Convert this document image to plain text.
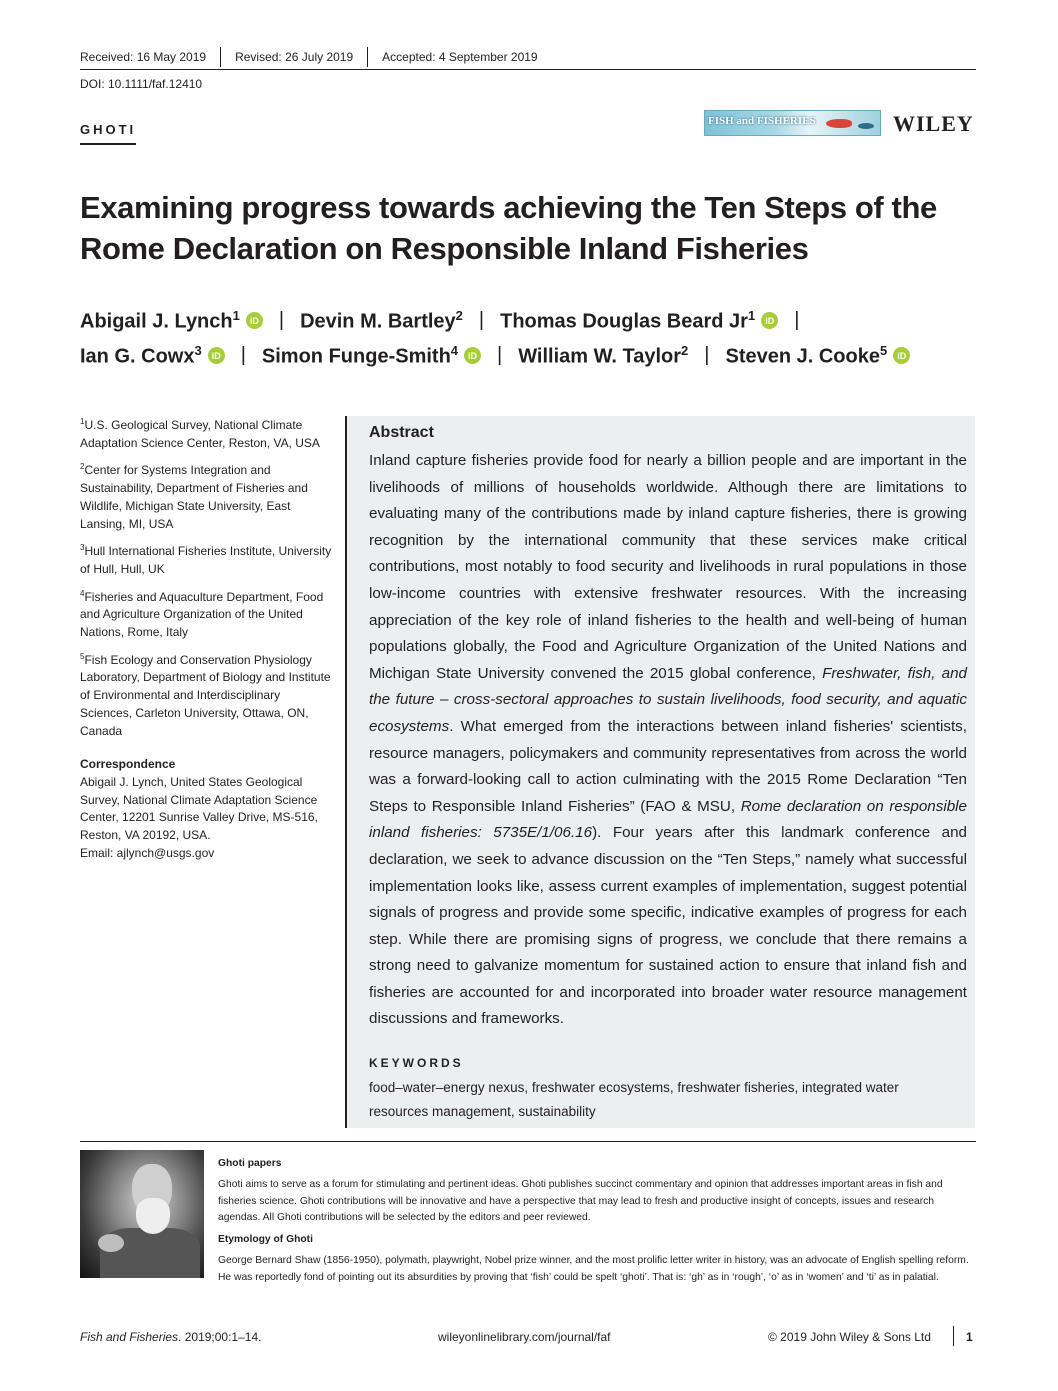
Received: 16 May 2019	Revised: 26 July 2019	Accepted: 4 September 2019
DOI: 10.1111/faf.12410
GHOTI
FISH and FISHERIES	WILEY
Examining progress towards achieving the Ten Steps of the
Rome Declaration on Responsible Inland Fisheries
Abigail J. Lynch$^1$	iD | Devin M. Bartley$^2$ | Thomas Douglas Beard Jr$^1$	iD |
Ian G. Cowx$^3$	iD | Simon Funge-Smith$^4$	iD | William W. Taylor$^2$ | Steven J. Cooke$^5$	iD

$^1$U.S. Geological Survey, National Climate Adaptation Science Center, Reston, VA, USA

$^2$Center for Systems Integration and Sustainability, Department of Fisheries and Wildlife, Michigan State University, East Lansing, MI, USA

$^3$Hull International Fisheries Institute, University of Hull, Hull, UK

$^4$Fisheries and Aquaculture Department, Food and Agriculture Organization of the United Nations, Rome, Italy

$^5$Fish Ecology and Conservation Physiology Laboratory, Department of Biology and Institute of Environmental and Interdisciplinary Sciences, Carleton University, Ottawa, ON, Canada

Correspondence

Abigail J. Lynch, United States Geological Survey, National Climate Adaptation Science Center, 12201 Sunrise Valley Drive, MS-516, Reston, VA 20192, USA.

Email: ajlynch@usgs.gov

Abstract
Inland capture fisheries provide food for nearly a billion people and are important in the livelihoods of millions of households worldwide. Although there are limitations to evaluating many of the contributions made by inland capture fisheries, there is growing recognition by the international community that these services make critical contributions, most notably to food security and livelihoods in rural populations in those low-income countries with extensive freshwater resources. With the increasing appreciation of the key role of inland fisheries to the health and well-being of human populations globally, the Food and Agriculture Organization of the United Nations and Michigan State University convened the 2015 global conference, Freshwater, fish, and the future – cross-sectoral approaches to sustain livelihoods, food security, and aquatic ecosystems. What emerged from the interactions between inland fisheries' scientists, resource managers, policymakers and community representatives from across the world was a forward-looking call to action culminating with the 2015 Rome Declaration “Ten Steps to Responsible Inland Fisheries” (FAO & MSU, Rome declaration on responsible inland fisheries: 5735E/1/06.16). Four years after this landmark conference and declaration, we seek to advance discussion on the “Ten Steps,” namely what successful implementation looks like, assess current examples of implementation, suggest potential signals of progress and provide some specific, indicative examples of progress for each step. While there are promising signs of progress, we conclude that there remains a strong need to galvanize momentum for sustained action to ensure that inland fish and fisheries are accounted for and incorporated into broader water resource management discussions and frameworks.
KEYWORDS
food–water–energy nexus, freshwater ecosystems, freshwater fisheries, integrated water resources management, sustainability

Ghoti papers

Ghoti aims to serve as a forum for stimulating and pertinent ideas. Ghoti publishes succinct commentary and opinion that addresses important areas in fish and fisheries science. Ghoti contributions will be innovative and have a perspective that may lead to fresh and productive insight of concepts, issues and research agendas. All Ghoti contributions will be selected by the editors and peer reviewed.

Etymology of Ghoti

George Bernard Shaw (1856-1950), polymath, playwright, Nobel prize winner, and the most prolific letter writer in history, was an advocate of English spelling reform. He was reportedly fond of pointing out its absurdities by proving that ‘fish’ could be spelt ‘ghoti’. That is: ‘gh’ as in ‘rough’, ‘o’ as in ‘women’ and ‘ti’ as in palatial.

Fish and Fisheries. 2019;00:1–14.	wileyonlinelibrary.com/journal/faf	© 2019 John Wiley & Sons Ltd	1
